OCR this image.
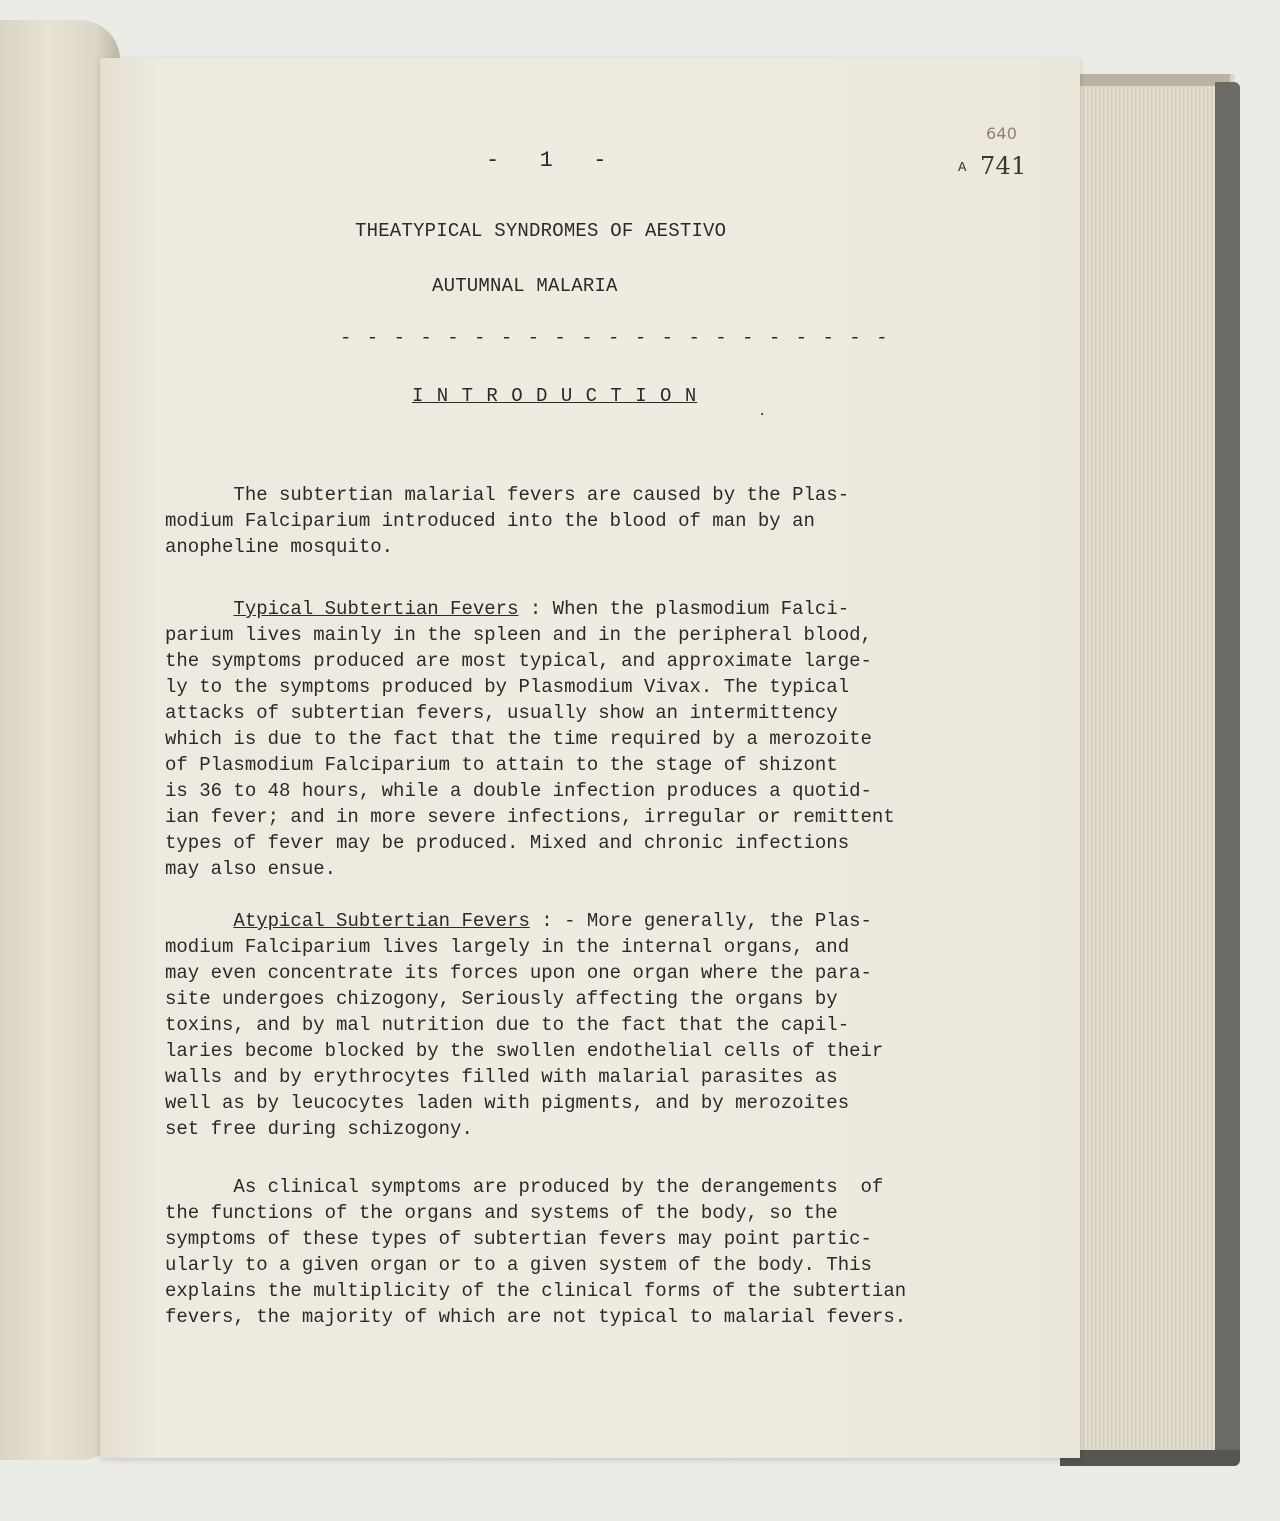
-   1   -
640
A 741
THEATYPICAL SYNDROMES OF AESTIVO
AUTUMNAL MALARIA
- - - - - - - - - - - - - - - - - - - - -
I N T R O D U C T I O N
.
The subtertian malarial fevers are caused by the Plas-
modium Falciparium introduced into the blood of man by an
anopheline mosquito.
Typical Subtertian Fevers : When the plasmodium Falci-
parium lives mainly in the spleen and in the peripheral blood,
the symptoms produced are most typical, and approximate large-
ly to the symptoms produced by Plasmodium Vivax. The typical
attacks of subtertian fevers, usually show an intermittency
which is due to the fact that the time required by a merozoite
of Plasmodium Falciparium to attain to the stage of shizont
is 36 to 48 hours, while a double infection produces a quotid-
ian fever; and in more severe infections, irregular or remittent
types of fever may be produced. Mixed and chronic infections
may also ensue.
Atypical Subtertian Fevers : - More generally, the Plas-
modium Falciparium lives largely in the internal organs, and
may even concentrate its forces upon one organ where the para-
site undergoes chizogony, Seriously affecting the organs by
toxins, and by mal nutrition due to the fact that the capil-
laries become blocked by the swollen endothelial cells of their
walls and by erythrocytes filled with malarial parasites as
well as by leucocytes laden with pigments, and by merozoites
set free during schizogony.
As clinical symptoms are produced by the derangements  of
the functions of the organs and systems of the body, so the
symptoms of these types of subtertian fevers may point partic-
ularly to a given organ or to a given system of the body. This
explains the multiplicity of the clinical forms of the subtertian
fevers, the majority of which are not typical to malarial fevers.
